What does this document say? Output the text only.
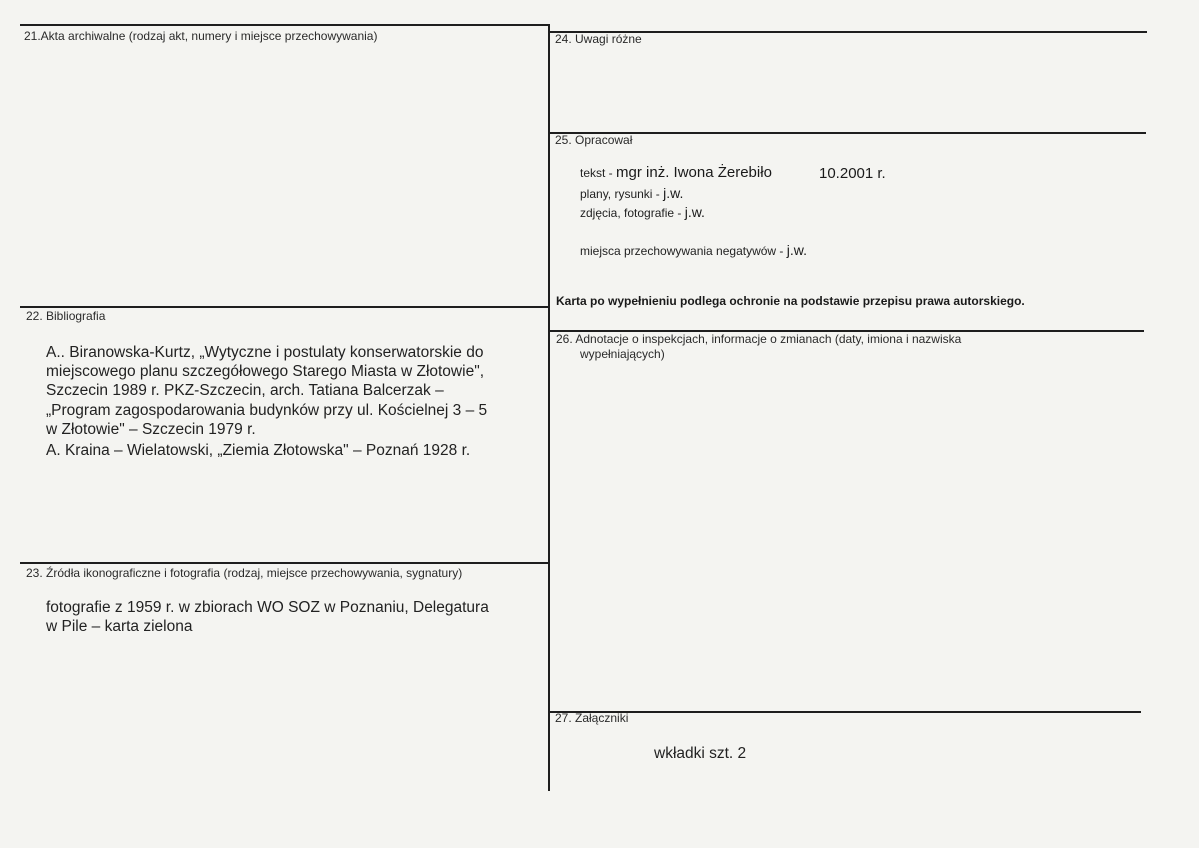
21.Akta archiwalne (rodzaj akt, numery i miejsce przechowywania)
22. Bibliografia
A.. Biranowska-Kurtz, „Wytyczne i postulaty konserwatorskie do
miejscowego planu szczegółowego Starego Miasta w Złotowie",
Szczecin 1989 r. PKZ-Szczecin, arch. Tatiana Balcerzak –
„Program zagospodarowania budynków przy ul. Kościelnej 3 – 5
w Złotowie" – Szczecin 1979 r.
A. Kraina – Wielatowski, „Ziemia Złotowska" – Poznań 1928 r.
23. Źródła ikonograficzne i fotografia (rodzaj, miejsce przechowywania, sygnatury)
fotografie z 1959 r. w zbiorach WO SOZ w Poznaniu, Delegatura
w Pile – karta zielona
24. Uwagi różne
25. Opracował
tekst - mgr inż. Iwona Żerebiło	10.2001 r.
plany, rysunki - j.w.
zdjęcia, fotografie - j.w.
miejsca przechowywania negatywów - j.w.
Karta po wypełnieniu podlega ochronie na podstawie przepisu prawa autorskiego.
26. Adnotacje o inspekcjach, informacje o zmianach (daty, imiona i nazwiska
wypełniających)
27. Załączniki
wkładki szt. 2
